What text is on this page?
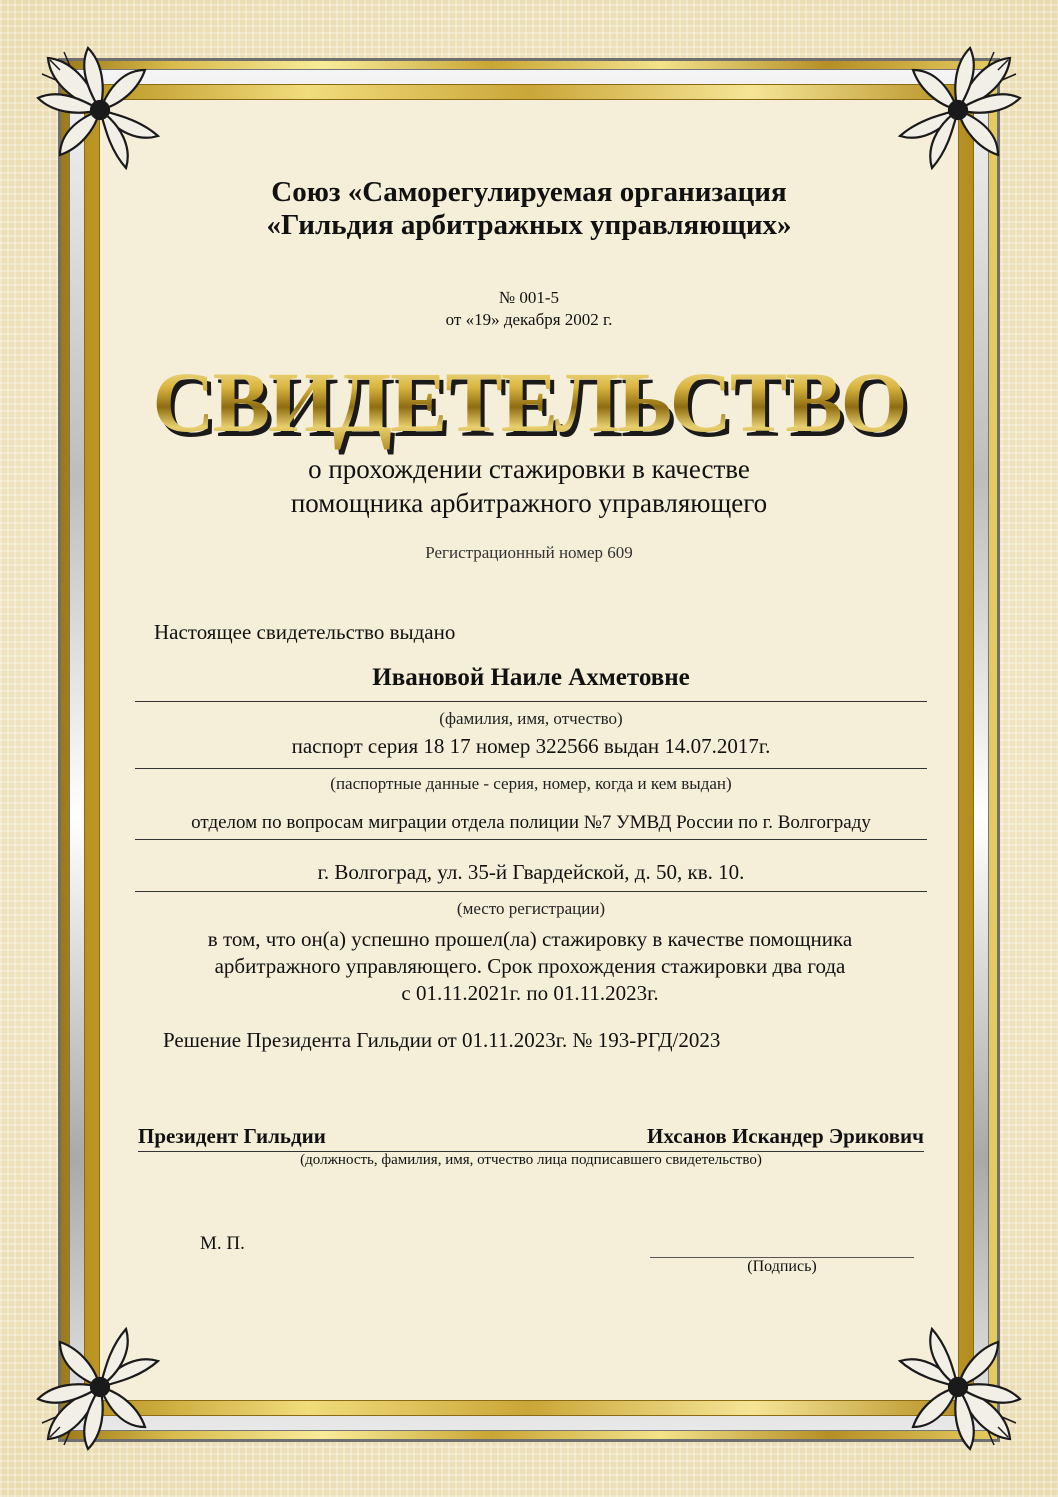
Союз «Саморегулируемая организация
«Гильдия арбитражных управляющих»
№ 001-5
от «19» декабря 2002 г.
СВИДЕТЕЛЬСТВО
о прохождении стажировки в качестве
помощника арбитражного управляющего
Регистрационный номер 609
Настоящее свидетельство выдано
Ивановой Наиле Ахметовне
(фамилия, имя, отчество)
паспорт серия 18 17 номер 322566 выдан 14.07.2017г.
(паспортные данные - серия, номер, когда и кем выдан)
отделом по вопросам миграции отдела полиции №7 УМВД России по г. Волгограду
г. Волгоград, ул. 35-й Гвардейской, д. 50, кв. 10.
(место регистрации)
в том, что он(а) успешно прошел(ла) стажировку в качестве помощника
арбитражного управляющего. Срок прохождения стажировки два года
с 01.11.2021г. по 01.11.2023г.
Решение Президента Гильдии от 01.11.2023г. № 193-РГД/2023
Президент Гильдии	Ихсанов Искандер Эрикович
(должность, фамилия, имя, отчество лица подписавшего свидетельство)
М. П.
(Подпись)
